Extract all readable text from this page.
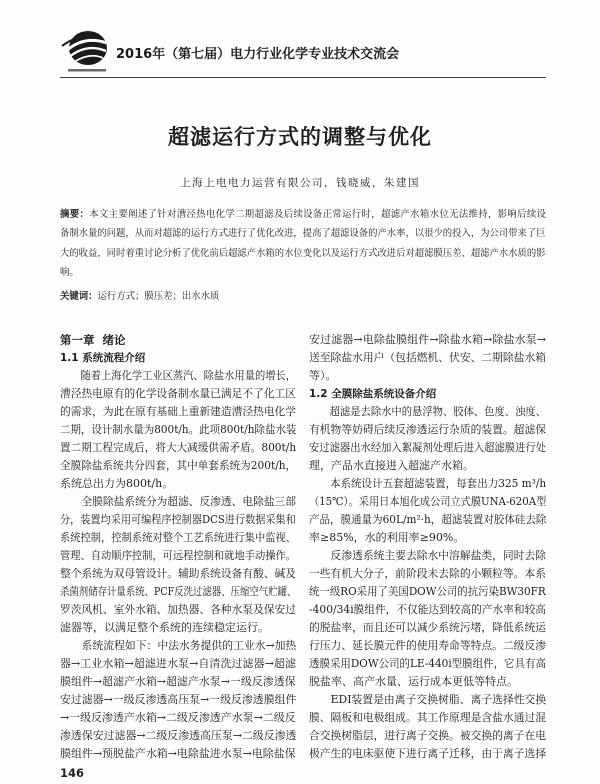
2016年（第七届）电力行业化学专业技术交流会
超滤运行方式的调整与优化
上海上电电力运营有限公司，钱晓威，朱建国
摘要：本文主要阐述了针对漕泾热电化学二期超滤及后续设备正常运行时，超滤产水箱水位无法维持，影响后续设
备制水量的问题，从而对超滤的运行方式进行了优化改进，提高了超滤设备的产水率，以很少的投入，为公司带来了巨
大的收益，同时着重讨论分析了优化前后超滤产水箱的水位变化以及运行方式改进后对超滤膜压差、超滤产水水质的影
响。
关键词：运行方式；膜压差；出水水质
第一章  绪论
1.1 系统流程介绍
随着上海化学工业区蒸汽、除盐水用量的增长，
漕泾热电原有的化学设备制水量已满足不了化工区
的需求，为此在原有基础上重新建造漕泾热电化学
二期，设计制水量为800t/h。此项800t/h除盐水装
置二期工程完成后，将大大减缓供需矛盾。800t/h
全膜除盐系统共分四套，其中单套系统为200t/h，
系统总出力为800t/h。
全膜除盐系统分为超滤、反渗透、电除盐三部
分，装置均采用可编程序控制器DCS进行数据采集和
系统控制，控制系统对整个工艺系统进行集中监视、
管理、自动顺序控制，可远程控制和就地手动操作。
整个系统为双母管设计。辅助系统设备有酸、碱及
杀菌剂储存计量系统、PCF反洗过滤器、压缩空气贮罐、
罗茨风机、室外水箱、加热器、各种水泵及保安过
滤器等，以满足整个系统的连续稳定运行。
系统流程如下：中法水务提供的工业水→加热
器→工业水箱→超滤进水泵→自清洗过滤器→超滤
膜组件→超滤产水箱→超滤产水泵→一级反渗透保
安过滤器→一级反渗透高压泵→一级反渗透膜组件
→一级反渗透产水箱→二级反渗透产水泵→二级反
渗透保安过滤器→二级反渗透高压泵→二级反渗透
膜组件→预脱盐产水箱→电除盐进水泵→电除盐保
安过滤器→电除盐膜组件→除盐水箱→除盐水泵→
送至除盐水用户（包括燃机、伏安、二期除盐水箱
等）。
1.2 全膜除盐系统设备介绍
超滤是去除水中的悬浮物、胶体、色度、浊度、
有机物等妨碍后续反渗透运行杂质的装置。超滤保
安过滤器出水经加入絮凝剂处理后进入超滤膜进行处
理，产品水直接进入超滤产水箱。
本系统设计五套超滤装置，每套出力325 m³/h
（15℃）。采用日本旭化成公司立式膜UNA-620A型
产品，膜通量为60L/m²·h，超滤装置对胶体硅去除
率≥85%，水的利用率≥90%。
反渗透系统主要去除水中溶解盐类，同时去除
一些有机大分子，前阶段未去除的小颗粒等。本系
统一级RO采用了美国DOW公司的抗污染BW30FR
-400/34i膜组件，不仅能达到较高的产水率和较高
的脱盐率，而且还可以减少系统污堵，降低系统运
行压力、延长膜元件的使用寿命等特点。二级反渗
透膜采用DOW公司的LE-440i型膜组件，它具有高
脱盐率、高产水量、运行成本更低等特点。
EDI装置是由离子交换树脂、离子选择性交换
膜、隔板和电极组成。其工作原理是含盐水通过混
合交换树脂层，进行离子交换。被交换的离子在电
极产生的电床驱使下进行离子迁移，由于离子选择
146
